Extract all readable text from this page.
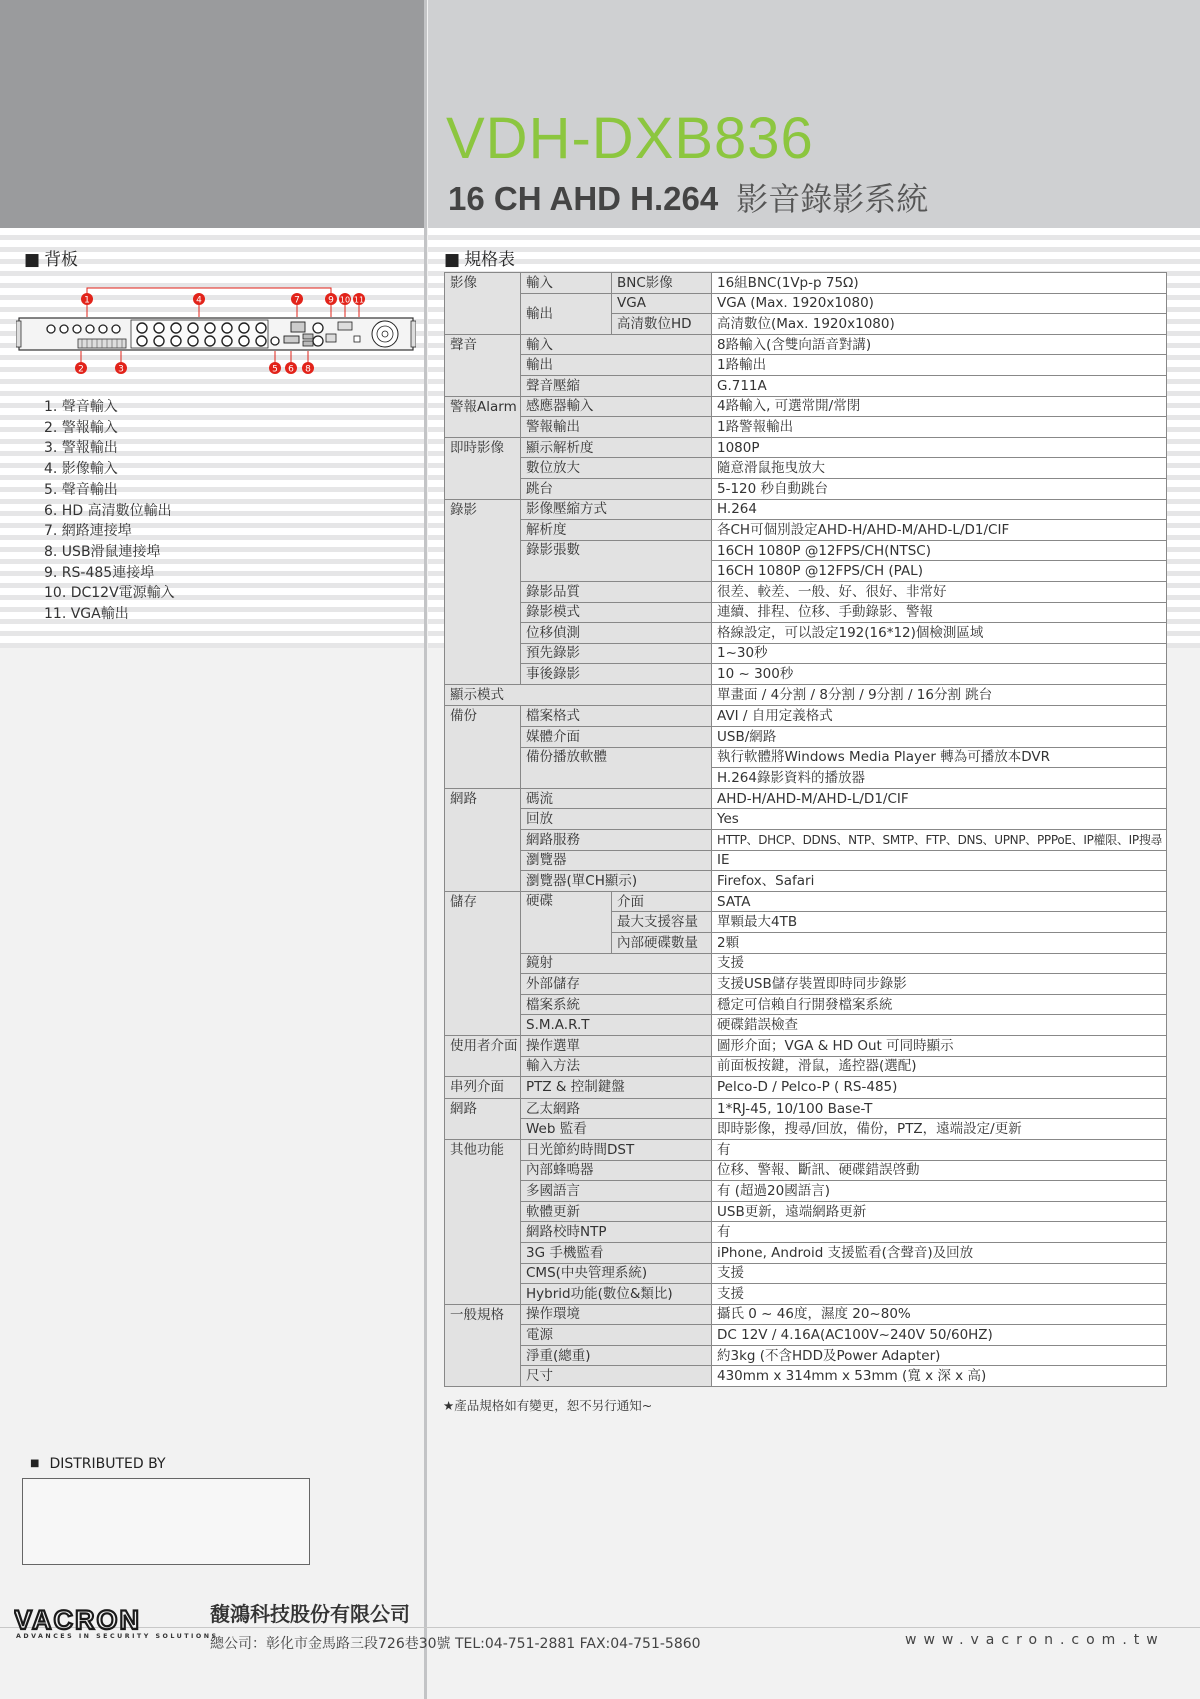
VDH-DXB836
16 CH AHD H.264 影音錄影系統
■ 背板	■ 規格表
1	4	7	9 10 11
2	3	5 6 8
1. 聲音輸入
2. 警報輸入
3. 警報輸出
4. 影像輸入
5. 聲音輸出
6. HD 高清數位輸出
7. 網路連接埠
8. USB滑鼠連接埠
9. RS-485連接埠
10. DC12V電源輸入
11. VGA輸出
影像	輸入	BNC影像	16組BNC(1Vp-p 75Ω)
	輸出	VGA	VGA (Max. 1920x1080)
		高清數位HD	高清數位(Max. 1920x1080)
聲音	輸入		8路輸入(含雙向語音對講)
	輸出		1路輸出
	聲音壓縮		G.711A
警報Alarm	感應器輸入		4路輸入, 可選常開/常閉
	警報輸出		1路警報輸出
即時影像	顯示解析度		1080P
	數位放大		隨意滑鼠拖曳放大
	跳台		5-120 秒自動跳台
錄影	影像壓縮方式		H.264
	解析度		各CH可個別設定AHD-H/AHD-M/AHD-L/D1/CIF
	錄影張數		16CH 1080P @12FPS/CH(NTSC)
			16CH 1080P @12FPS/CH (PAL)
	錄影品質		很差、較差、一般、好、很好、非常好
	錄影模式		連續、排程、位移、手動錄影、警報
	位移偵測		格線設定，可以設定192(16*12)個檢測區域
	預先錄影		1~30秒
	事後錄影		10 ~ 300秒
顯示模式			單畫面 / 4分割 / 8分割 / 9分割 / 16分割 跳台
備份	檔案格式		AVI / 自用定義格式
	媒體介面		USB/網路
	備份播放軟體		執行軟體將Windows Media Player 轉為可播放本DVR
			H.264錄影資料的播放器
網路	碼流		AHD-H/AHD-M/AHD-L/D1/CIF
	回放		Yes
	網路服務		HTTP、DHCP、DDNS、NTP、SMTP、FTP、DNS、UPNP、PPPoE、IP權限、IP搜尋
	瀏覽器		IE
	瀏覽器(單CH顯示)		Firefox、Safari
儲存	硬碟	介面	SATA
		最大支援容量	單顆最大4TB
		內部硬碟數量	2顆
	鏡射		支援
	外部儲存		支援USB儲存裝置即時同步錄影
	檔案系統		穩定可信賴自行開發檔案系統
	S.M.A.R.T		硬碟錯誤檢查
使用者介面	操作選單		圖形介面；VGA & HD Out 可同時顯示
	輸入方法		前面板按鍵，滑鼠，遙控器(選配)
串列介面	PTZ & 控制鍵盤		Pelco-D / Pelco-P ( RS-485)
網路	乙太網路		1*RJ-45, 10/100 Base-T
	Web 監看		即時影像，搜尋/回放，備份，PTZ，遠端設定/更新
其他功能	日光節約時間DST		有
	內部蜂鳴器		位移、警報、斷訊、硬碟錯誤啓動
	多國語言		有 (超過20國語言)
	軟體更新		USB更新，遠端網路更新
	網路校時NTP		有
	3G 手機監看		iPhone, Android 支援監看(含聲音)及回放
	CMS(中央管理系統)		支援
	Hybrid功能(數位&類比)		支援
一般規格	操作環境		攝氏 0 ~ 46度，濕度 20~80%
	電源		DC 12V / 4.16A(AC100V~240V 50/60HZ)
	淨重(總重)		約3kg (不含HDD及Power Adapter)
	尺寸		430mm x 314mm x 53mm (寬 x 深 x 高)
★產品規格如有變更，恕不另行通知~
■ DISTRIBUTED BY
VACRON
ADVANCES IN SECURITY SOLUTIONS
馥鴻科技股份有限公司
總公司：彰化市金馬路三段726巷30號 TEL:04-751-2881 FAX:04-751-5860	www.vacron.com.tw
